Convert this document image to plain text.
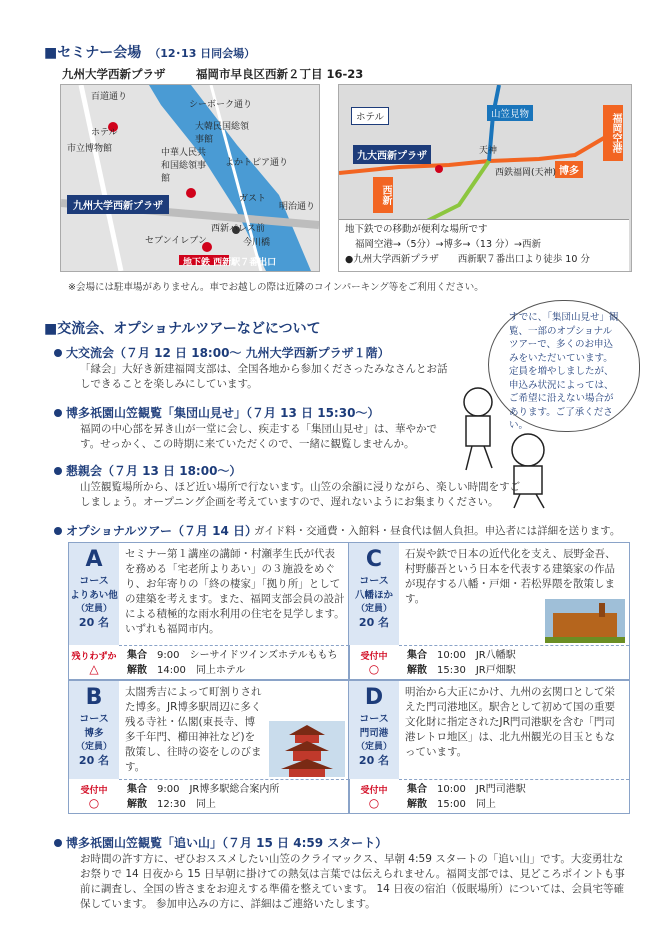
■セミナー会場 （12･13 日同会場）
九州大学西新プラザ	福岡市早良区西新２丁目 16-23
百道通り
シーボーク通り
ホテル
市立博物館
大韓民国総領事館
中華人民共和国総領事館
よかトピア通り
ガスト
明治通り
西新パレス前
セブンイレブン	今川橋
九州大学西新プラザ
地下鉄 西新駅７番出口
ホテル	山笠見物	福岡空港
九大西新プラザ
西新
博多
天神
西鉄福岡(天神)
地下鉄での移動が便利な場所です
福岡空港→（5分）→博多→（13 分）→西新
●九州大学西新プラザ　　西新駅７番出口より徒歩 10 分
※会場には駐車場がありません。車でお越しの際は近隣のコインパーキング等をご利用ください。
■交流会、オプショナルツアーなどについて
すでに、「集団山見せ」観覧、一部のオプショナルツアーで、多くのお申込みをいただいています。定員を増やしましたが、申込み状況によっては、ご希望に沿えない場合があります。ご了承ください。
大交流会（７月 12 日 18:00～ 九州大学西新プラザ１階）
「縁会」大好き新建福岡支部は、全国各地から参加くださったみなさんとお話しできることを楽しみにしています。
博多祇園山笠観覧「集団山見せ」（７月 13 日 15:30～）
福岡の中心部を昇き山が一堂に会し、疾走する「集団山見せ」は、華やかです。せっかく、この時期に来ていただくので、一緒に観覧しませんか。
懇親会（７月 13 日 18:00～）
山笠観覧場所から、ほど近い場所で行ないます。山笠の余韻に浸りながら、楽しい時間をすごしましょう。オープニング企画を考えていますので、遅れないようにお集まりください。
オプショナルツアー（７月 14 日）
ガイド料・交通費・入館料・昼食代は個人負担。申込者には詳細を送ります。
A
コース
よりあい他
（定員）
20 名
残りわずか
△
セミナー第１講座の講師・村瀬孝生氏が代表を務める「宅老所よりあい」の３施設をめぐり、お年寄りの「終の棲家」「拠り所」としての建築を考えます。また、福岡支部会員の設計による積極的な雨水利用の住宅を見学します。いずれも福岡市内。
集合　 9:00　 シーサイドツインズホテルももち
解散　 14:00　 同上ホテル
C
コース
八幡ほか
（定員）
20 名
受付中
○
石炭や鉄で日本の近代化を支え、辰野金吾、村野藤吾という日本を代表する建築家の作品が現存する八幡・戸畑・若松界隈を散策します。
集合　 10:00　 JR八幡駅
解散　 15:30　 JR戸畑駅
B
コース
博多
（定員）
20 名
受付中
○
太閤秀吉によって町割りされた博多。JR博多駅周辺に多く残る寺社・仏閣(東長寺、博多千年門、櫛田神社など)を散策し、往時の姿をしのびます。
集合　 9:00　 JR博多駅総合案内所
解散　 12:30　 同上
D
コース
門司港
（定員）
20 名
受付中
○
明治から大正にかけ、九州の玄関口として栄えた門司港地区。駅舎として初めて国の重要文化財に指定されたJR門司港駅を含む「門司港レトロ地区」は、北九州観光の目玉ともなっています。
集合　 10:00　 JR門司港駅
解散　 15:00　 同上
博多祇園山笠観覧「追い山」（７月 15 日 4:59 スタート）
お時間の許す方に、ぜひおススメしたい山笠のクライマックス、早朝 4:59 スタートの「追い山」です。大変勇壮なお祭りで 14 日夜から 15 日早朝に掛けての熱気は言葉では伝えられません。福岡支部では、見どころポイントも事前に調査し、全国の皆さまをお迎えする準備を整えています。 14 日夜の宿泊（仮眠場所）については、会員宅等確保しています。 参加申込みの方に、詳細はご連絡いたします。
